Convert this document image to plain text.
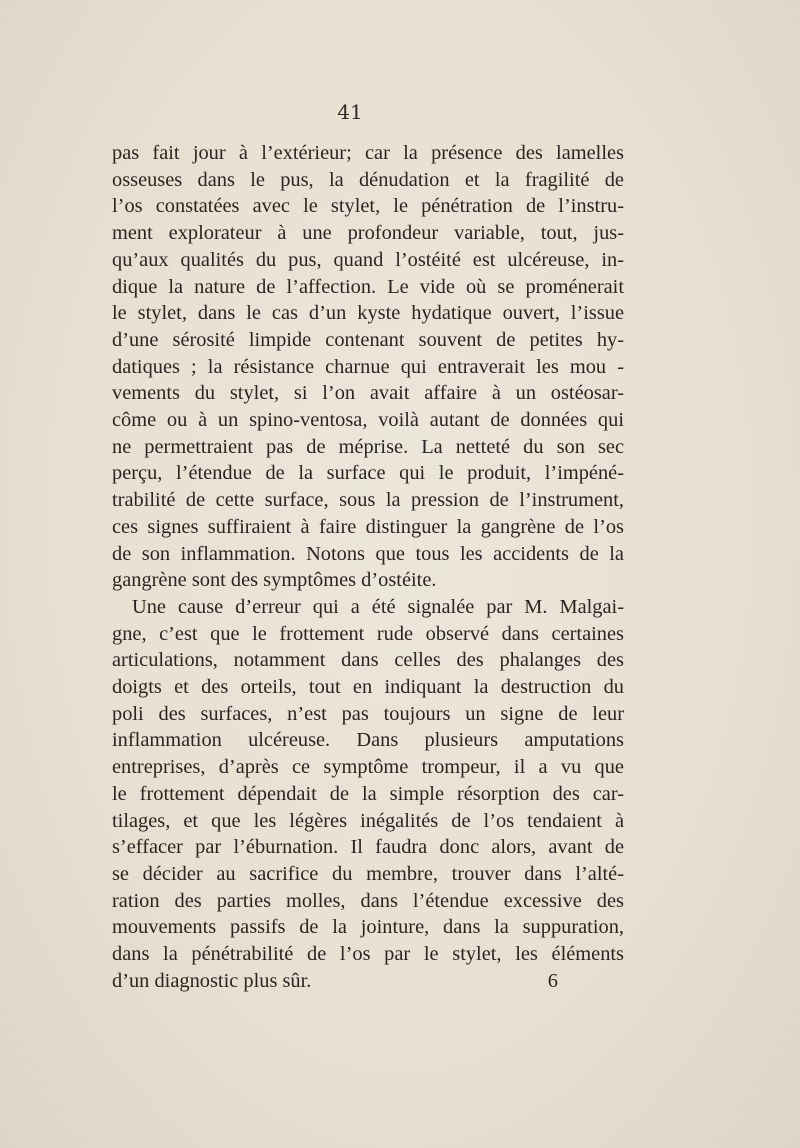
41
pas fait jour à l’extérieur; car la présence des lamelles
osseuses dans le pus, la dénudation et la fragilité de
l’os constatées avec le stylet, le pénétration de l’instru-
ment explorateur à une profondeur variable, tout, jus-
qu’aux qualités du pus, quand l’ostéité est ulcéreuse, in-
dique la nature de l’affection. Le vide où se proménerait
le stylet, dans le cas d’un kyste hydatique ouvert, l’issue
d’une sérosité limpide contenant souvent de petites hy-
datiques ; la résistance charnue qui entraverait les mou -
vements du stylet, si l’on avait affaire à un ostéosar-
côme ou à un spino-ventosa, voilà autant de données qui
ne permettraient pas de méprise. La netteté du son sec
perçu, l’étendue de la surface qui le produit, l’impéné-
trabilité de cette surface, sous la pression de l’instrument,
ces signes suffiraient à faire distinguer la gangrène de l’os
de son inflammation. Notons que tous les accidents de la
gangrène sont des symptômes d’ostéite.
Une cause d’erreur qui a été signalée par M. Malgai-
gne, c’est que le frottement rude observé dans certaines
articulations, notamment dans celles des phalanges des
doigts et des orteils, tout en indiquant la destruction du
poli des surfaces, n’est pas toujours un signe de leur
inflammation ulcéreuse. Dans plusieurs amputations
entreprises, d’après ce symptôme trompeur, il a vu que
le frottement dépendait de la simple résorption des car-
tilages, et que les légères inégalités de l’os tendaient à
s’effacer par l’éburnation. Il faudra donc alors, avant de
se décider au sacrifice du membre, trouver dans l’alté-
ration des parties molles, dans l’étendue excessive des
mouvements passifs de la jointure, dans la suppuration,
dans la pénétrabilité de l’os par le stylet, les éléments
d’un diagnostic plus sûr.	6
